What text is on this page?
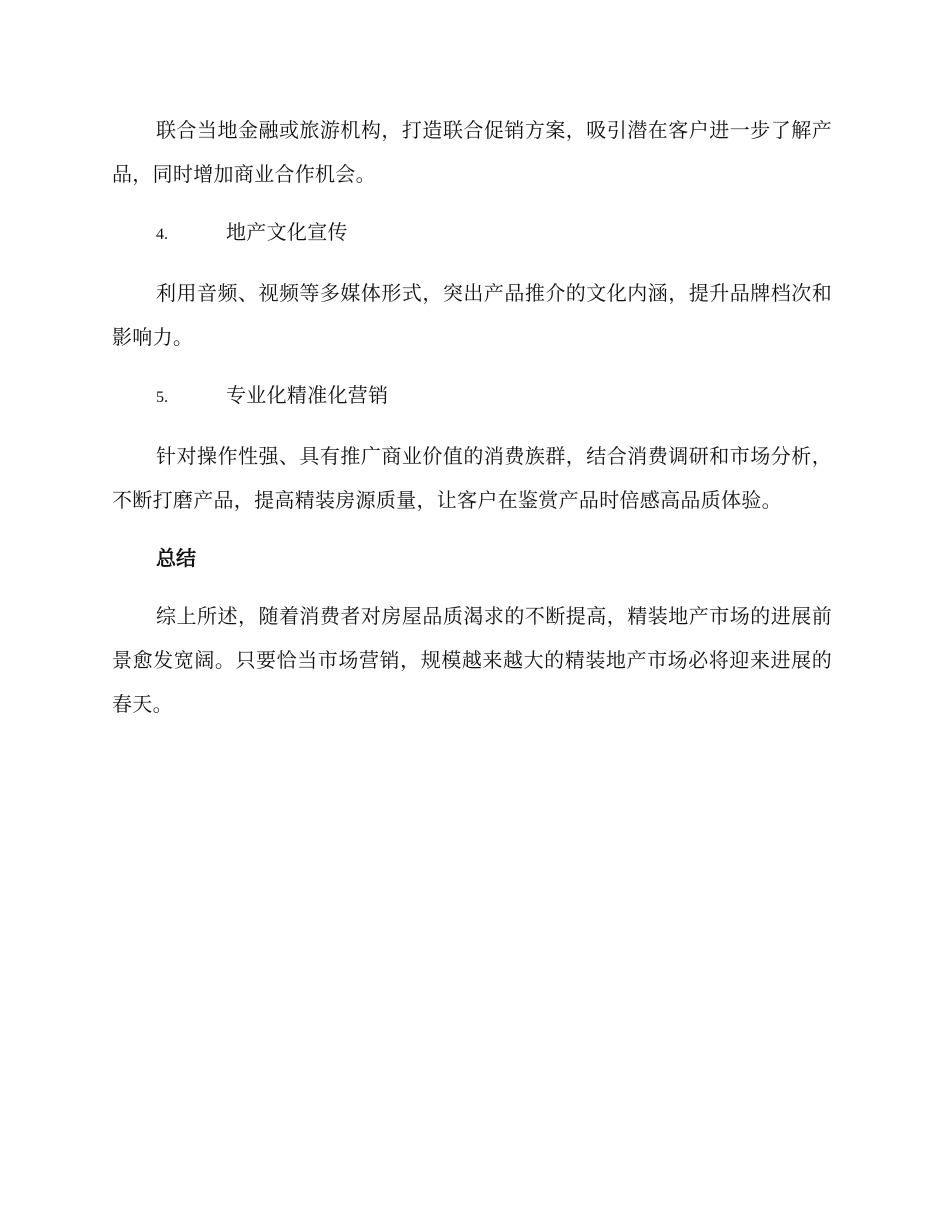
联合当地金融或旅游机构，打造联合促销方案，吸引潜在客户进一步了解产品，同时增加商业合作机会。

4.	地产文化宣传

利用音频、视频等多媒体形式，突出产品推介的文化内涵，提升品牌档次和影响力。

5.	专业化精准化营销

针对操作性强、具有推广商业价值的消费族群，结合消费调研和市场分析，不断打磨产品，提高精装房源质量，让客户在鉴赏产品时倍感高品质体验。

总结

综上所述，随着消费者对房屋品质渴求的不断提高，精装地产市场的进展前景愈发宽阔。只要恰当市场营销，规模越来越大的精装地产市场必将迎来进展的春天。
